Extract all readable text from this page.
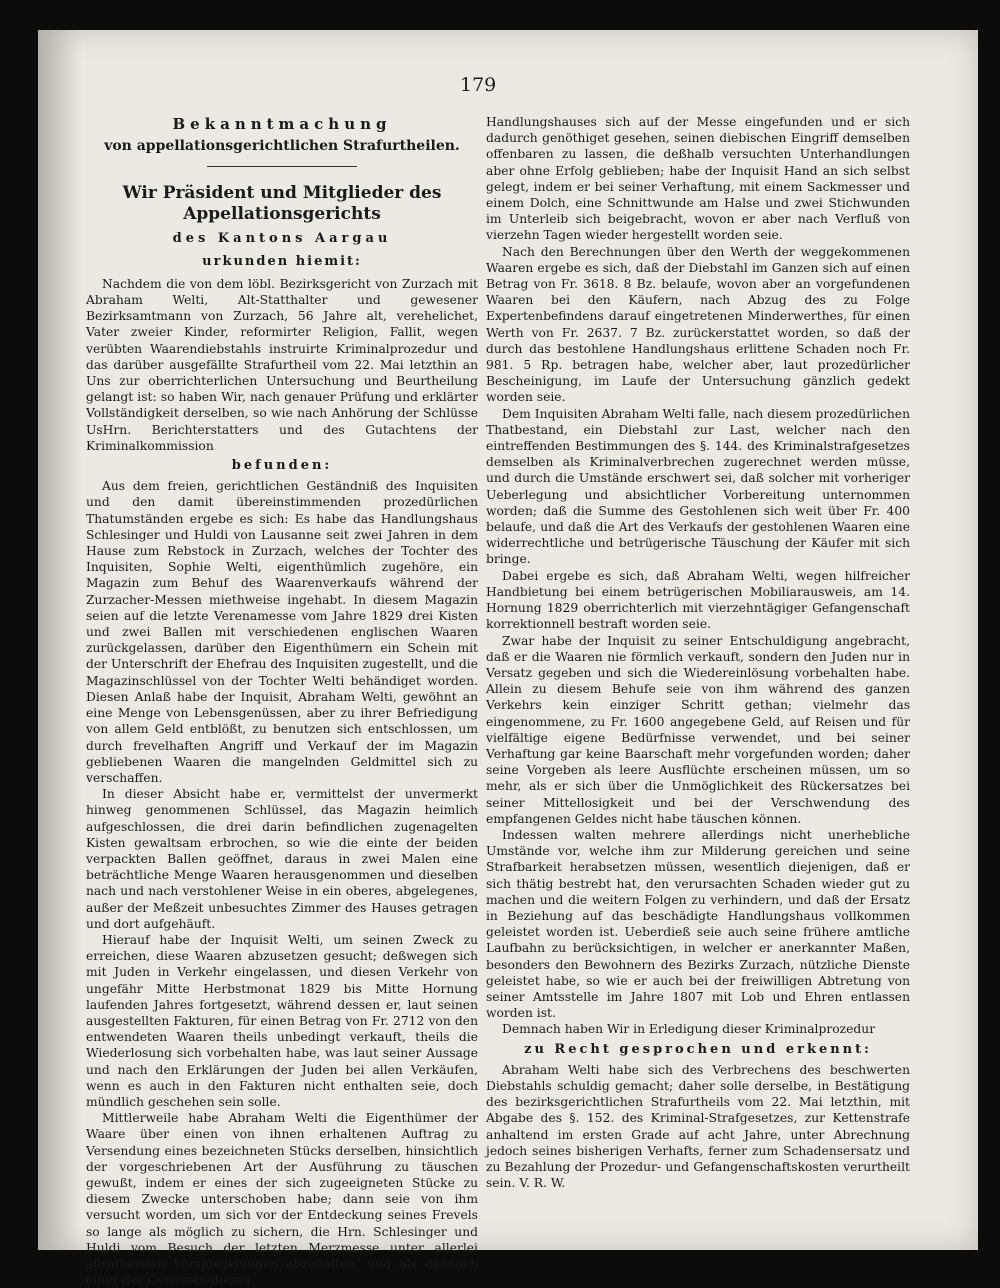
179
Bekanntmachung
von appellationsgerichtlichen Strafurtheilen.
Wir Präsident und Mitglieder des Appellationsgerichts
des Kantons Aargau
urkunden hiemit:

Nachdem die von dem löbl. Bezirksgericht von Zurzach mit Abraham Welti, Alt-Statthalter und gewesener Bezirksamtmann von Zurzach, 56 Jahre alt, verehelichet, Vater zweier Kinder, reformirter Religion, Fallit, wegen verübten Waarendiebstahls instruirte Kriminalprozedur und das darüber ausgefällte Strafurtheil vom 22. Mai letzthin an Uns zur oberrichterlichen Untersuchung und Beurtheilung gelangt ist: so haben Wir, nach genauer Prüfung und erklärter Vollständigkeit derselben, so wie nach Anhörung der Schlüsse UsHrn. Berichterstatters und des Gutachtens der Kriminalkommission

befunden:

Aus dem freien, gerichtlichen Geständniß des Inquisiten und den damit übereinstimmenden prozedürlichen Thatumständen ergebe es sich: Es habe das Handlungshaus Schlesinger und Huldi von Lausanne seit zwei Jahren in dem Hause zum Rebstock in Zurzach, welches der Tochter des Inquisiten, Sophie Welti, eigenthümlich zugehöre, ein Magazin zum Behuf des Waarenverkaufs während der Zurzacher-Messen miethweise ingehabt. In diesem Magazin seien auf die letzte Verenamesse vom Jahre 1829 drei Kisten und zwei Ballen mit verschiedenen englischen Waaren zurückgelassen, darüber den Eigenthümern ein Schein mit der Unterschrift der Ehefrau des Inquisiten zugestellt, und die Magazinschlüssel von der Tochter Welti behändiget worden. Diesen Anlaß habe der Inquisit, Abraham Welti, gewöhnt an eine Menge von Lebensgenüssen, aber zu ihrer Befriedigung von allem Geld entblößt, zu benutzen sich entschlossen, um durch frevelhaften Angriff und Verkauf der im Magazin gebliebenen Waaren die mangelnden Geldmittel sich zu verschaffen.

In dieser Absicht habe er, vermittelst der unvermerkt hinweg genommenen Schlüssel, das Magazin heimlich aufgeschlossen, die drei darin befindlichen zugenagelten Kisten gewaltsam erbrochen, so wie die einte der beiden verpackten Ballen geöffnet, daraus in zwei Malen eine beträchtliche Menge Waaren herausgenommen und dieselben nach und nach verstohlener Weise in ein oberes, abgelegenes, außer der Meßzeit unbesuchtes Zimmer des Hauses getragen und dort aufgehäuft.

Hierauf habe der Inquisit Welti, um seinen Zweck zu erreichen, diese Waaren abzusetzen gesucht; deßwegen sich mit Juden in Verkehr eingelassen, und diesen Verkehr von ungefähr Mitte Herbstmonat 1829 bis Mitte Hornung laufenden Jahres fortgesetzt, während dessen er, laut seinen ausgestellten Fakturen, für einen Betrag von Fr. 2712 von den entwendeten Waaren theils unbedingt verkauft, theils die Wiederlosung sich vorbehalten habe, was laut seiner Aussage und nach den Erklärungen der Juden bei allen Verkäufen, wenn es auch in den Fakturen nicht enthalten seie, doch mündlich geschehen sein solle.

Mittlerweile habe Abraham Welti die Eigenthümer der Waare über einen von ihnen erhaltenen Auftrag zu Versendung eines bezeichneten Stücks derselben, hinsichtlich der vorgeschriebenen Art der Ausführung zu täuschen gewußt, indem er eines der sich zugeeigneten Stücke zu diesem Zwecke unterschoben habe; dann seie von ihm versucht worden, um sich vor der Entdeckung seines Frevels so lange als möglich zu sichern, die Hrn. Schlesinger und Huldi vom Besuch der letzten Merzmesse unter allerlei abrathenden Vorspiegelungen abzuhalten, und als dennoch einer der Genossen dieses

Handlungshauses sich auf der Messe eingefunden und er sich dadurch genöthiget gesehen, seinen diebischen Eingriff demselben offenbaren zu lassen, die deßhalb versuchten Unterhandlungen aber ohne Erfolg geblieben; habe der Inquisit Hand an sich selbst gelegt, indem er bei seiner Verhaftung, mit einem Sackmesser und einem Dolch, eine Schnittwunde am Halse und zwei Stichwunden im Unterleib sich beigebracht, wovon er aber nach Verfluß von vierzehn Tagen wieder hergestellt worden seie.

Nach den Berechnungen über den Werth der weggekommenen Waaren ergebe es sich, daß der Diebstahl im Ganzen sich auf einen Betrag von Fr. 3618. 8 Bz. belaufe, wovon aber an vorgefundenen Waaren bei den Käufern, nach Abzug des zu Folge Expertenbefindens darauf eingetretenen Minderwerthes, für einen Werth von Fr. 2637. 7 Bz. zurückerstattet worden, so daß der durch das bestohlene Handlungshaus erlittene Schaden noch Fr. 981. 5 Rp. betragen habe, welcher aber, laut prozedürlicher Bescheinigung, im Laufe der Untersuchung gänzlich gedekt worden seie.

Dem Inquisiten Abraham Welti falle, nach diesem prozedürlichen Thatbestand, ein Diebstahl zur Last, welcher nach den eintreffenden Bestimmungen des §. 144. des Kriminalstrafgesetzes demselben als Kriminalverbrechen zugerechnet werden müsse, und durch die Umstände erschwert sei, daß solcher mit vorheriger Ueberlegung und absichtlicher Vorbereitung unternommen worden; daß die Summe des Gestohlenen sich weit über Fr. 400 belaufe, und daß die Art des Verkaufs der gestohlenen Waaren eine widerrechtliche und betrügerische Täuschung der Käufer mit sich bringe.

Dabei ergebe es sich, daß Abraham Welti, wegen hilfreicher Handbietung bei einem betrügerischen Mobiliarausweis, am 14. Hornung 1829 oberrichterlich mit vierzehntägiger Gefangenschaft korrektionnell bestraft worden seie.

Zwar habe der Inquisit zu seiner Entschuldigung angebracht, daß er die Waaren nie förmlich verkauft, sondern den Juden nur in Versatz gegeben und sich die Wiedereinlösung vorbehalten habe. Allein zu diesem Behufe seie von ihm während des ganzen Verkehrs kein einziger Schritt gethan; vielmehr das eingenommene, zu Fr. 1600 angegebene Geld, auf Reisen und für vielfältige eigene Bedürfnisse verwendet, und bei seiner Verhaftung gar keine Baarschaft mehr vorgefunden worden; daher seine Vorgeben als leere Ausflüchte erscheinen müssen, um so mehr, als er sich über die Unmöglichkeit des Rückersatzes bei seiner Mittellosigkeit und bei der Verschwendung des empfangenen Geldes nicht habe täuschen können.

Indessen walten mehrere allerdings nicht unerhebliche Umstände vor, welche ihm zur Milderung gereichen und seine Strafbarkeit herabsetzen müssen, wesentlich diejenigen, daß er sich thätig bestrebt hat, den verursachten Schaden wieder gut zu machen und die weitern Folgen zu verhindern, und daß der Ersatz in Beziehung auf das beschädigte Handlungshaus vollkommen geleistet worden ist. Ueberdieß seie auch seine frühere amtliche Laufbahn zu berücksichtigen, in welcher er anerkannter Maßen, besonders den Bewohnern des Bezirks Zurzach, nützliche Dienste geleistet habe, so wie er auch bei der freiwilligen Abtretung von seiner Amtsstelle im Jahre 1807 mit Lob und Ehren entlassen worden ist.

Demnach haben Wir in Erledigung dieser Kriminalprozedur

zu Recht gesprochen und erkennt:

Abraham Welti habe sich des Verbrechens des beschwerten Diebstahls schuldig gemacht; daher solle derselbe, in Bestätigung des bezirksgerichtlichen Strafurtheils vom 22. Mai letzthin, mit Abgabe des §. 152. des Kriminal-Strafgesetzes, zur Kettenstrafe anhaltend im ersten Grade auf acht Jahre, unter Abrechnung jedoch seines bisherigen Verhafts, ferner zum Schadensersatz und zu Bezahlung der Prozedur- und Gefangenschaftskosten verurtheilt sein. V. R. W.
